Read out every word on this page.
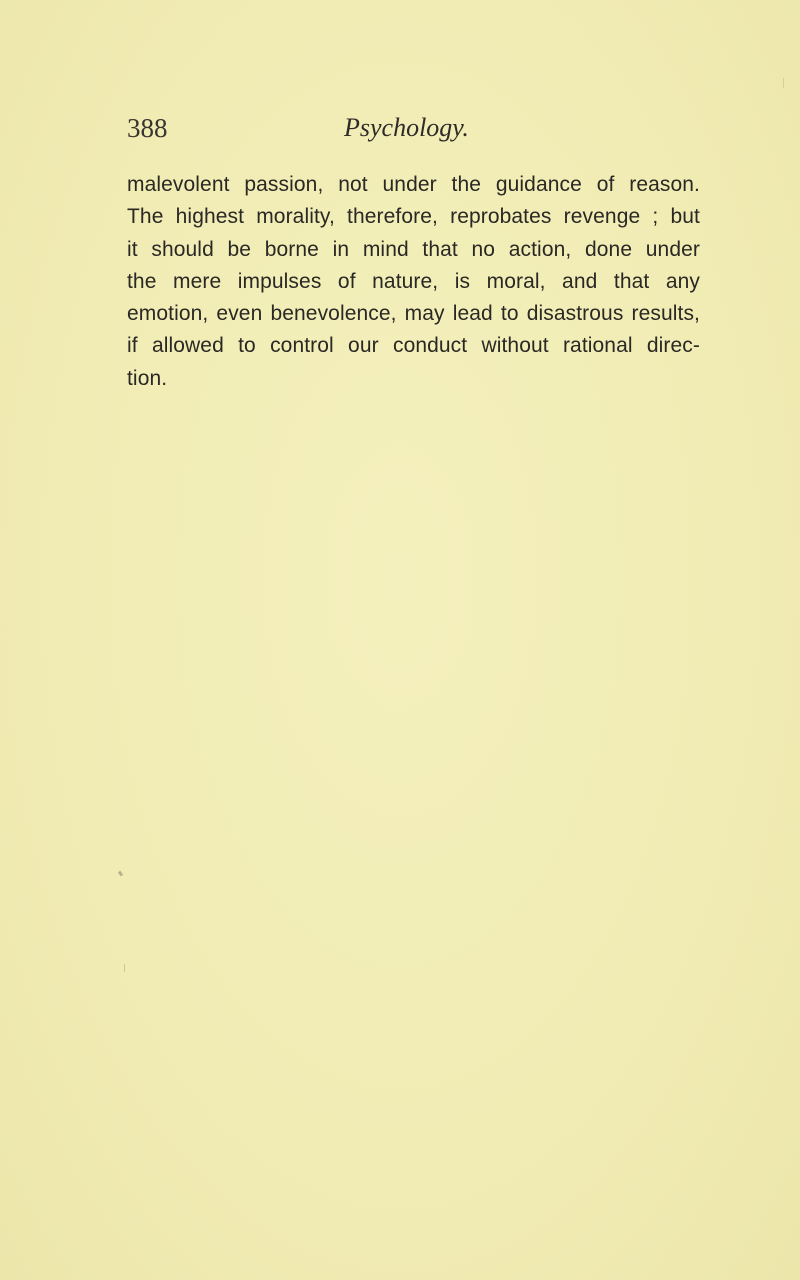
388	Psychology.
malevolent passion, not under the guidance of reason.
The highest morality, therefore, reprobates revenge ; but
it should be borne in mind that no action, done under
the mere impulses of nature, is moral, and that any
emotion, even benevolence, may lead to disastrous results,
if allowed to control our conduct without rational direc-
tion.
